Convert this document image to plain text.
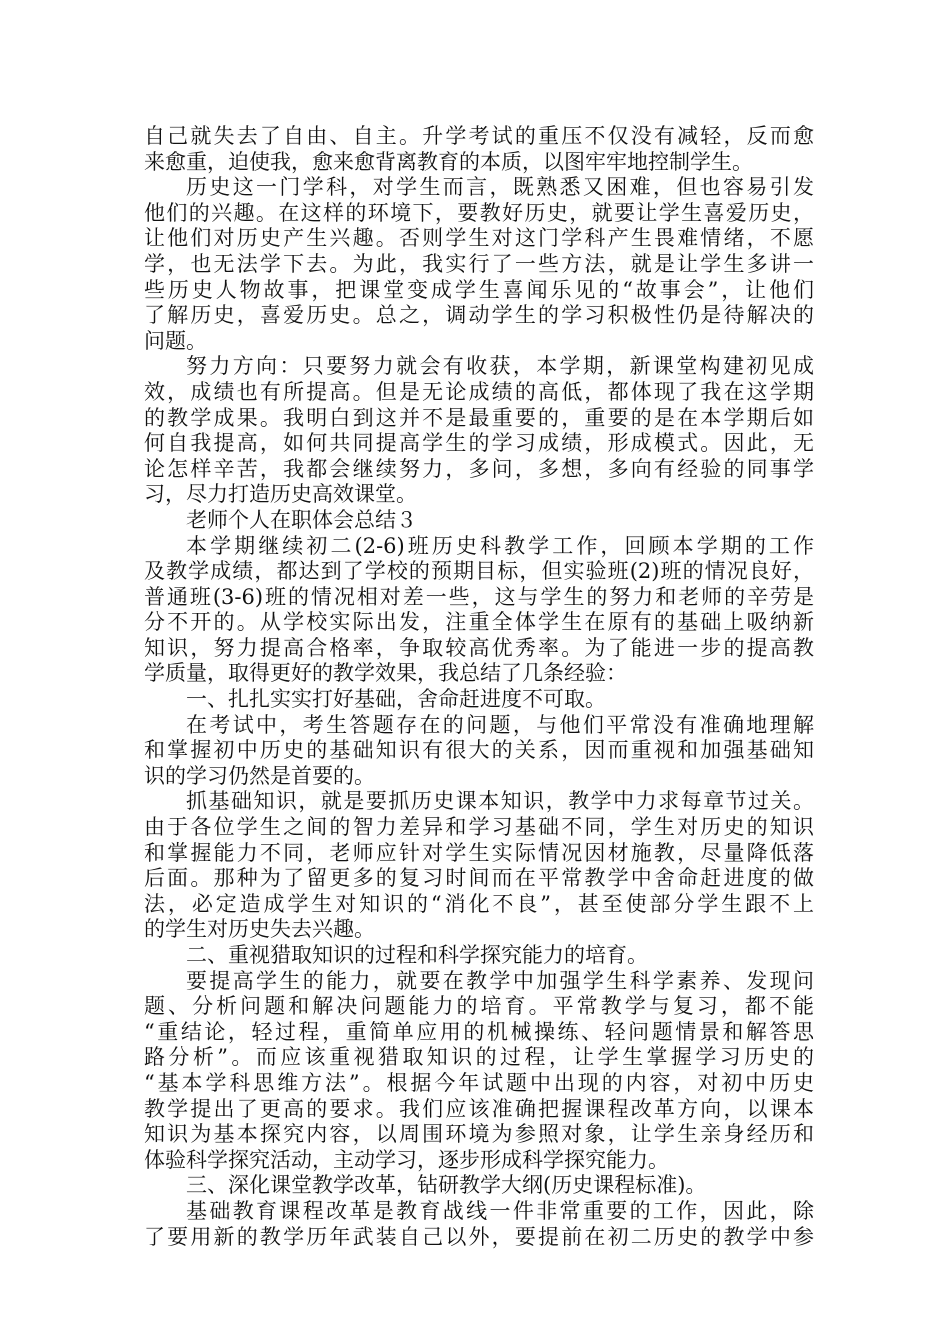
自己就失去了自由、自主。升学考试的重压不仅没有减轻，反而愈
来愈重，迫使我，愈来愈背离教育的本质，以图牢牢地控制学生。
历史这一门学科，对学生而言，既熟悉又困难，但也容易引发
他们的兴趣。在这样的环境下，要教好历史，就要让学生喜爱历史，
让他们对历史产生兴趣。否则学生对这门学科产生畏难情绪，不愿
学，也无法学下去。为此，我实行了一些方法，就是让学生多讲一
些历史人物故事，把课堂变成学生喜闻乐见的“故事会”，让他们
了解历史，喜爱历史。总之，调动学生的学习积极性仍是待解决的
问题。
努力方向：只要努力就会有收获，本学期，新课堂构建初见成
效，成绩也有所提高。但是无论成绩的高低，都体现了我在这学期
的教学成果。我明白到这并不是最重要的，重要的是在本学期后如
何自我提高，如何共同提高学生的学习成绩，形成模式。因此，无
论怎样辛苦，我都会继续努力，多问，多想，多向有经验的同事学
习，尽力打造历史高效课堂。
老师个人在职体会总结３
本学期继续初二(2-6)班历史科教学工作，回顾本学期的工作
及教学成绩，都达到了学校的预期目标，但实验班(2)班的情况良好，
普通班(3-6)班的情况相对差一些，这与学生的努力和老师的辛劳是
分不开的。从学校实际出发，注重全体学生在原有的基础上吸纳新
知识，努力提高合格率，争取较高优秀率。为了能进一步的提高教
学质量，取得更好的教学效果，我总结了几条经验：
一、扎扎实实打好基础，舍命赶进度不可取。
在考试中，考生答题存在的问题，与他们平常没有准确地理解
和掌握初中历史的基础知识有很大的关系，因而重视和加强基础知
识的学习仍然是首要的。
抓基础知识，就是要抓历史课本知识，教学中力求每章节过关。
由于各位学生之间的智力差异和学习基础不同，学生对历史的知识
和掌握能力不同，老师应针对学生实际情况因材施教，尽量降低落
后面。那种为了留更多的复习时间而在平常教学中舍命赶进度的做
法，必定造成学生对知识的“消化不良”，甚至使部分学生跟不上
的学生对历史失去兴趣。
二、重视猎取知识的过程和科学探究能力的培育。
要提高学生的能力，就要在教学中加强学生科学素养、发现问
题、分析问题和解决问题能力的培育。平常教学与复习，都不能
“重结论，轻过程，重简单应用的机械操练、轻问题情景和解答思
路分析”。而应该重视猎取知识的过程，让学生掌握学习历史的
“基本学科思维方法”。根据今年试题中出现的内容，对初中历史
教学提出了更高的要求。我们应该准确把握课程改革方向，以课本
知识为基本探究内容，以周围环境为参照对象，让学生亲身经历和
体验科学探究活动，主动学习，逐步形成科学探究能力。
三、深化课堂教学改革，钻研教学大纲(历史课程标准)。
基础教育课程改革是教育战线一件非常重要的工作，因此，除
了要用新的教学历年武装自己以外，要提前在初二历史的教学中参
